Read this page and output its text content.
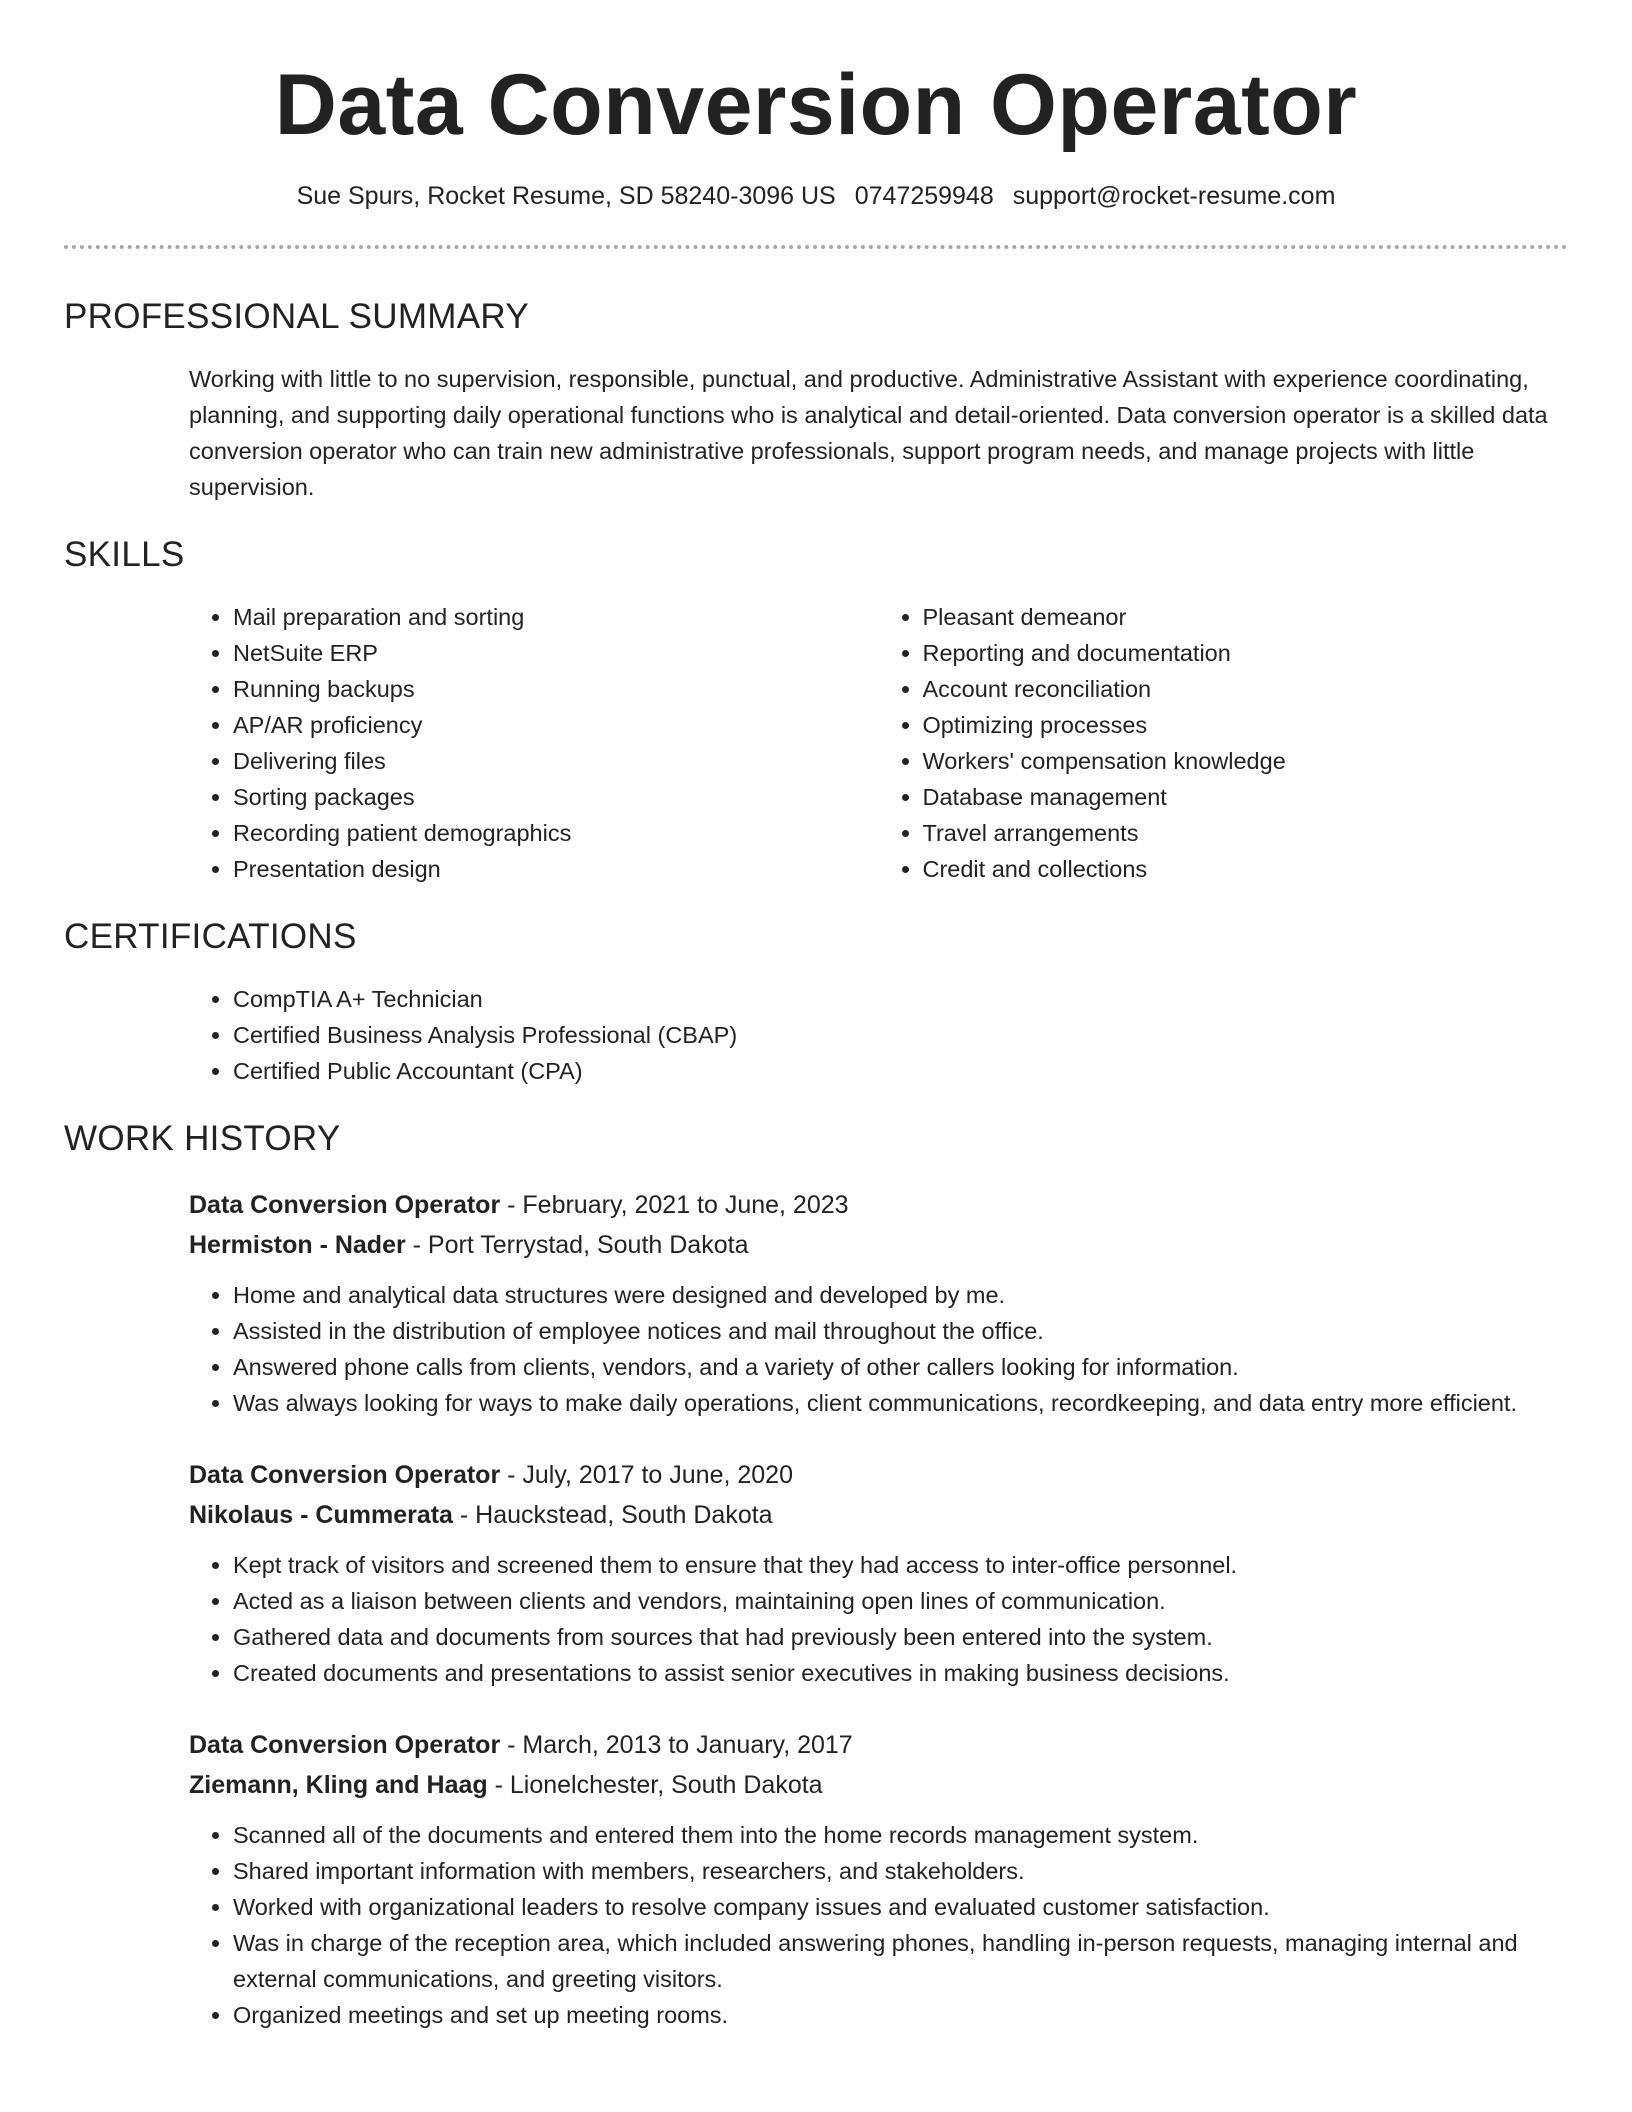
Data Conversion Operator
Sue Spurs, Rocket Resume, SD 58240-3096 US 0747259948 support@rocket-resume.com
PROFESSIONAL SUMMARY
Working with little to no supervision, responsible, punctual, and productive. Administrative Assistant with experience coordinating, planning, and supporting daily operational functions who is analytical and detail-oriented. Data conversion operator is a skilled data conversion operator who can train new administrative professionals, support program needs, and manage projects with little supervision.
SKILLS
• Mail preparation and sorting
• NetSuite ERP
• Running backups
• AP/AR proficiency
• Delivering files
• Sorting packages
• Recording patient demographics
• Presentation design
• Pleasant demeanor
• Reporting and documentation
• Account reconciliation
• Optimizing processes
• Workers' compensation knowledge
• Database management
• Travel arrangements
• Credit and collections
CERTIFICATIONS
• CompTIA A+ Technician
• Certified Business Analysis Professional (CBAP)
• Certified Public Accountant (CPA)
WORK HISTORY
Data Conversion Operator - February, 2021 to June, 2023
Hermiston - Nader - Port Terrystad, South Dakota
• Home and analytical data structures were designed and developed by me.
• Assisted in the distribution of employee notices and mail throughout the office.
• Answered phone calls from clients, vendors, and a variety of other callers looking for information.
• Was always looking for ways to make daily operations, client communications, recordkeeping, and data entry more efficient.
Data Conversion Operator - July, 2017 to June, 2020
Nikolaus - Cummerata - Hauckstead, South Dakota
• Kept track of visitors and screened them to ensure that they had access to inter-office personnel.
• Acted as a liaison between clients and vendors, maintaining open lines of communication.
• Gathered data and documents from sources that had previously been entered into the system.
• Created documents and presentations to assist senior executives in making business decisions.
Data Conversion Operator - March, 2013 to January, 2017
Ziemann, Kling and Haag - Lionelchester, South Dakota
• Scanned all of the documents and entered them into the home records management system.
• Shared important information with members, researchers, and stakeholders.
• Worked with organizational leaders to resolve company issues and evaluated customer satisfaction.
• Was in charge of the reception area, which included answering phones, handling in-person requests, managing internal and external communications, and greeting visitors.
• Organized meetings and set up meeting rooms.
